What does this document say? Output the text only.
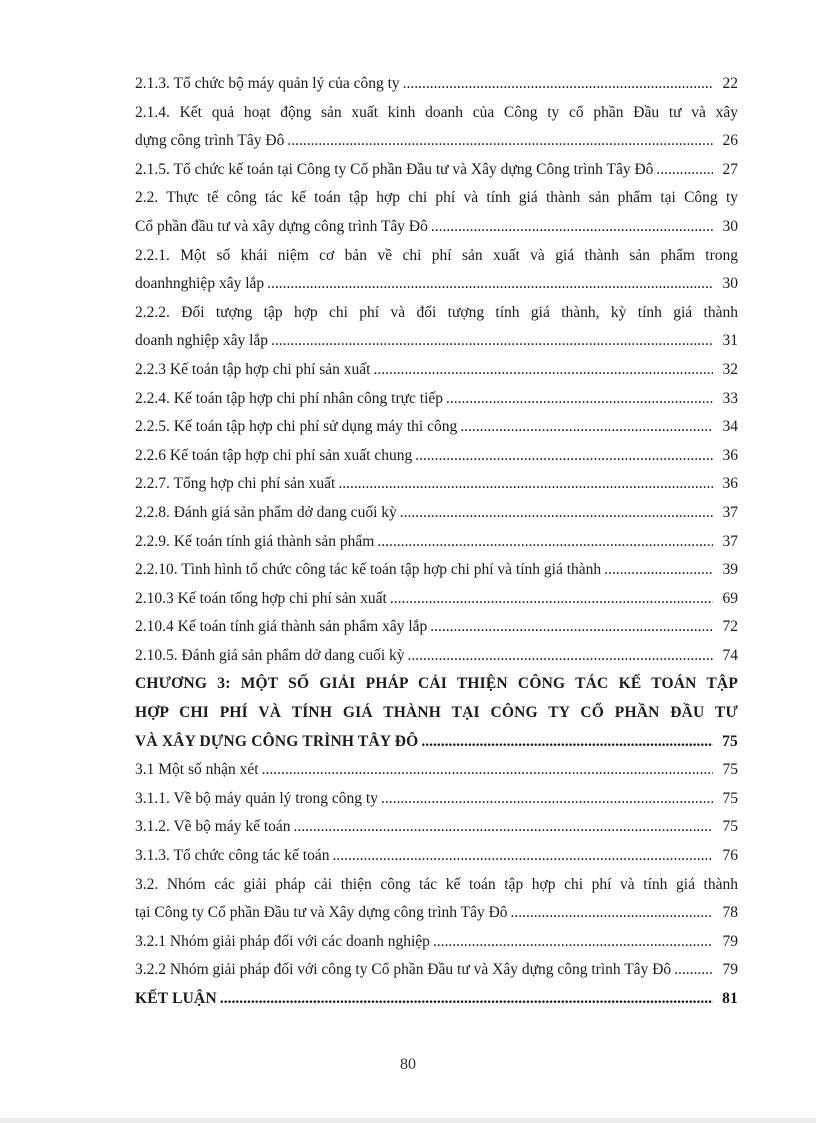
2.1.3. Tổ chức bộ máy quản lý của công ty .....	22
2.1.4. Kết quả hoạt động sản xuất kinh doanh của Công ty cổ phần Đầu tư và xây
dựng công trình Tây Đô .....	26
2.1.5. Tổ chức kế toán tại Công ty Cổ phần Đầu tư và Xây dựng Công trình Tây Đô .....	27
2.2. Thực tế công tác kế toán tập hợp chi phí và tính giá thành sản phẩm tại Công ty
Cổ phần đầu tư và xây dựng công trình Tây Đô .....	30
2.2.1. Một số khái niệm cơ bản về chi phí sản xuất và giá thành sản phẩm trong
doanhnghiệp xây lắp .....	30
2.2.2. Đối tượng tập hợp chi phí và đối tượng tính giá thành, kỳ tính giá thành
doanh nghiệp xây lắp .....	31
2.2.3 Kế toán tập hợp chi phí sản xuất .....	32
2.2.4. Kế toán tập hợp chi phí nhân công trực tiếp .....	33
2.2.5. Kế toán tập hợp chi phí sử dụng máy thi công .....	34
2.2.6 Kế toán tập hợp chi phí sản xuất chung .....	36
2.2.7. Tổng hợp chi phí sản xuất .....	36
2.2.8. Đánh giá sản phẩm dở dang cuối kỳ .....	37
2.2.9. Kế toán tính giá thành sản phẩm .....	37
2.2.10. Tình hình tổ chức công tác kế toán tập hợp chi phí và tính giá thành .....	39
2.10.3 Kế toán tổng hợp chi phí sản xuất .....	69
2.10.4 Kế toán tính giá thành sản phẩm xây lắp .....	72
2.10.5. Đánh giá sản phẩm dở dang cuối kỳ .....	74
CHƯƠNG 3: MỘT SỐ GIẢI PHÁP CẢI THIỆN CÔNG TÁC KẾ TOÁN TẬP
HỢP CHI PHÍ VÀ TÍNH GIÁ THÀNH TẠI CÔNG TY CỔ PHẦN ĐẦU TƯ
VÀ XÂY DỰNG CÔNG TRÌNH TÂY ĐÔ .....	75
3.1 Một số nhận xét .....	75
3.1.1. Về bộ máy quản lý trong công ty .....	75
3.1.2. Về bộ máy kế toán .....	75
3.1.3. Tổ chức công tác kế toán .....	76
3.2. Nhóm các giải pháp cải thiện công tác kế toán tập hợp chi phí và tính giá thành
tại Công ty Cổ phần Đầu tư và Xây dựng công trình Tây Đô .....	78
3.2.1 Nhóm giải pháp đối với các doanh nghiệp .....	79
3.2.2 Nhóm giải pháp đối với công ty Cổ phần Đầu tư và Xây dựng công trình Tây Đô .....	79
KẾT LUẬN .....	81
80
